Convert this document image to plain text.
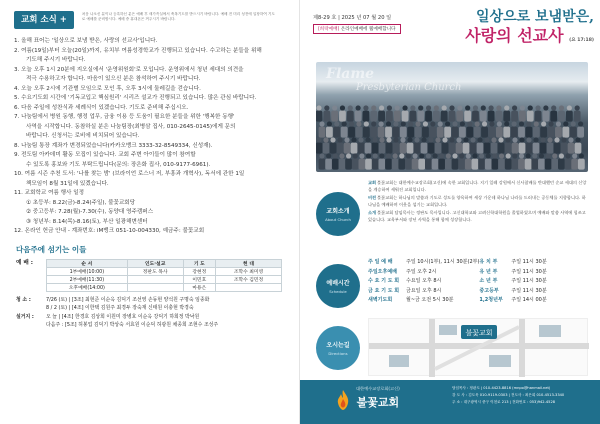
교회 소식 +
처음 나오신 분이나 등록하신 분은 예배 후 새가족실에서 축복기도를 받으시기 바랍니다. 예배 전 미리 성전에 입장하여 기도로 예배를 준비합시다. 예배 중 휴대폰은 꺼주시기 바랍니다.
1. 올해 표어는 '일상으로 보냄 받은, 사랑의 선교사'입니다.
2. 여름(19일)부터 오늘(20일)까지, 유치부 여름성경학교가 진행되고 있습니다. 수고하는 분들을 위해
기도해 주시기 바랍니다.
3. 오늘 오후 1시 20분에 지오실에서 '운영위원회'로 모입니다. 운영위에서 청년 세대의 의견을
적극 수용하고자 합니다. 마음이 있으신 분은 참석하여 주시기 바랍니다.
4. 오늘 오후 2시에 기관별 모임으로 모인 후, 오후 3시에 둘레길을 걷습니다.
5. 수요기도회 시간에 '기독교입고 핵심원리' 시리즈 설교가 진행되고 있습니다. 많은 관심 바랍니다.
6. 다음 주일에 성찬식과 세례식이 있겠습니다. 기도로 준비해 주십시오.
7. 나눔팀에서 병원 동행, 행정 업무, 금융 이용 등 도움이 필요한 분들을 위한 '행복한 동행'
사역을 시작합니다. 동참하실 분은 나눔팀장(최병삼 집사, 010-2645-0145)에게 문의
바랍니다. 신청서는 로비에 비치되어 있습니다.
8. 나눔팀 통장 계좌가 변경되었습니다(카카오뱅크 3333-32-8549334, 신성재).
9. 전도팀 아카데미 활동 모집이 있습니다. 교회 주변 아이들이 많이 참여할
수 있도록 홍보와 기도 부탁드립니다(문의: 장은화 집사, 010-9177-6961).
10. 여름 시즌 추천 도서: '나를 찾는 밤' (브라이언 로스너 저, 부흥과 개혁사), 독서에 관한 1일
책모임이 8월 31일에 있겠습니다.
11. 교회학교 여름 행사 일정
① 초등부: 8.22(금)-8.24(주일), 불꽃교회당
② 중고등부: 7.28(월)-7.30(수), 동양대 영주캠퍼스
③ 청년부: 8.14(목)-8.16(토), 부산 일광해변센터
12. 온라인 헌금 안내 - 계좌번호: iM뱅크 051-10-004330, 예금주: 불꽃교회
다음주에 섬기는 이들
예 배 :	순 서	인도·설교	기 도	헌 대
1부예배(10:00)	정판도 목사	강현정	조학수 최미영
2부예배(11:30)		이민호	조학수 김민정
오후예배(14:00)		마용은	
청 소 :	7/26 (토) | [3조] 최현준 이순옥 김덕기 조선영 손동현 양석원 구명숙 임종화
8 / 2 (토) | [4조] 이한택 김원주 최경두 장숙재 신태원 이충현 박경숙
설거지 : 오 늘 | [4조] 한경호 김상희 이원미 장병호 이순옥 강덕기 하희정 박낙원
다음주 : [5조] 허봉업 김덕기 박상숙 서효원 이순덕 허광원 채종희 조현수 조성주
제8-29 호 | 2025 년 07 월 20 일
[희락예배] 온라인예배에 웹예배합니다
일상으로 보냄받은,
사랑의 선교사 (요 17:18)
Flame
Presbyterian Church
교회소개
About Church

교회불꽃교회는 대한예수교장로회(고신)에 속한 교회입니다. 지기 일레 강원에서 신사참배를 반대했던 순교 세대의 신앙을 계승하여 세워진 교회입니다.

비전불꽃교회는 하나님의 말씀과 기도로 성도를 양육하여 세상 가운데 하나님 나라를 드러내는 공동체를 지향합니다. 하나님을 예배하며 이웃을 섬기는 교회입니다.

소개불꽃교회 담임목사는 정판도 목사입니다. 고신대학교와 고려신학대학원을 졸업하였으며 예배와 말씀 사역에 힘쓰고 있습니다. 교육부서와 장년 사역을 통해 함께 성장합니다.

예배시간
Schedule
주 일 예 배	주일 10시(1부), 11시 30분(2부)
주일오후예배 주일 오후 2시
수 요 기 도 회 수요일 오후 8시
금 요 기 도 회 금요일 오후 8시
새벽기도회	월~금 오전 5시 30분
유 치 부	주일 11시 30분
유 년 부	주일 11시 30분
소 년 부	주일 11시 30분
중고등부	주일 11시 30분
1,2청년부 주일 14시 00분
오시는길
Directions
불꽃교회
대한예수교장로회(고신)
불꽃교회
담임목사 : 정판도 | 010-4423-8816 (mnpo@hanmail.net)
강 도 사 : 김도욱 010-9119-0303 | 전도사 : 최은희 010-4513-3340
주 소 : 대구광역시 중구 이천로 213 | 전화번호 : 053)942-4528
